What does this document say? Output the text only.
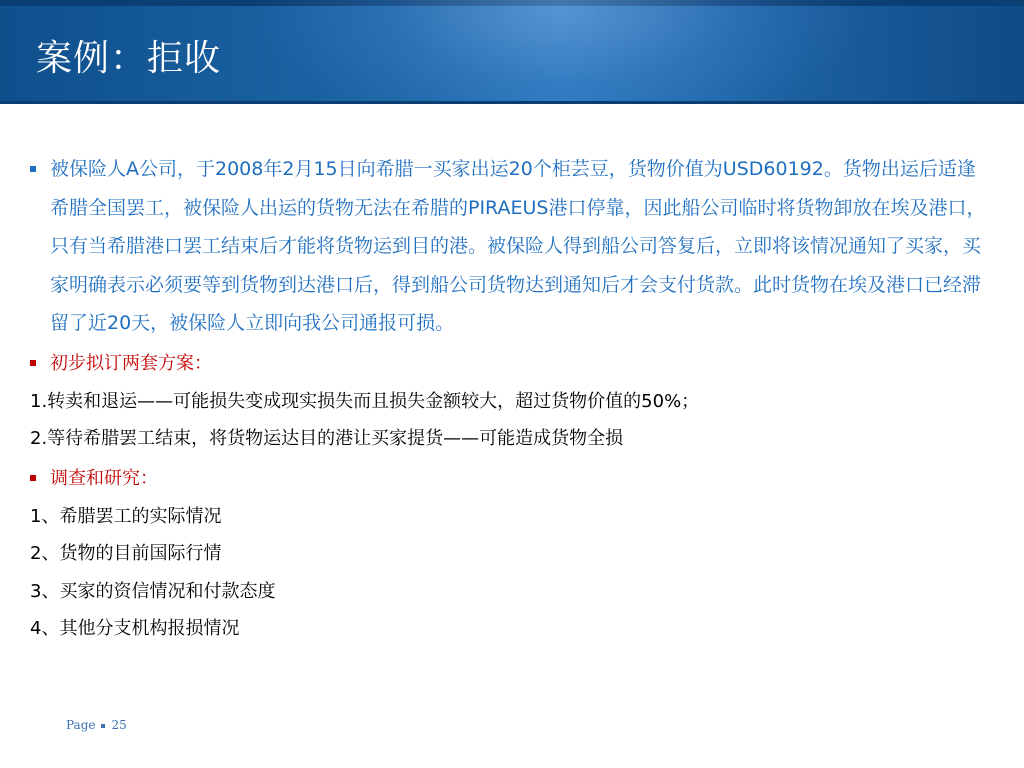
案例：拒收
被保险人A公司，于2008年2月15日向希腊一买家出运20个柜芸豆，货物价值为USD60192。货物出运后适逢希腊全国罢工，被保险人出运的货物无法在希腊的PIRAEUS港口停靠，因此船公司临时将货物卸放在埃及港口，只有当希腊港口罢工结束后才能将货物运到目的港。被保险人得到船公司答复后，立即将该情况通知了买家，买家明确表示必须要等到货物到达港口后，得到船公司货物达到通知后才会支付货款。此时货物在埃及港口已经滞留了近20天，被保险人立即向我公司通报可损。
初步拟订两套方案：
1.转卖和退运——可能损失变成现实损失而且损失金额较大，超过货物价值的50%；
2.等待希腊罢工结束，将货物运达目的港让买家提货——可能造成货物全损
调查和研究：
1、希腊罢工的实际情况
2、货物的目前国际行情
3、买家的资信情况和付款态度
4、其他分支机构报损情况
Page 25
